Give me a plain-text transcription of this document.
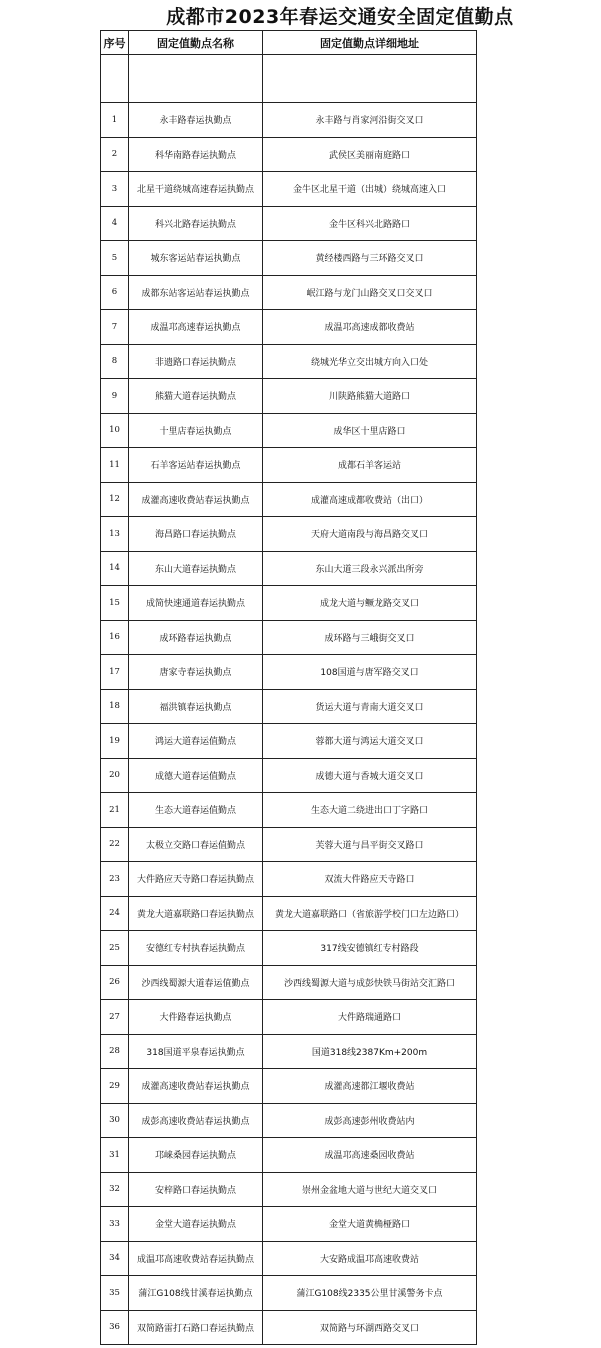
成都市2023年春运交通安全固定值勤点
序号	固定值勤点名称	固定值勤点详细地址

1	永丰路春运执勤点	永丰路与肖家河沿街交叉口
2	科华南路春运执勤点	武侯区美丽南庭路口
3	北星干道绕城高速春运执勤点	金牛区北星干道（出城）绕城高速入口
4	科兴北路春运执勤点	金牛区科兴北路路口
5	城东客运站春运执勤点	黄经楼西路与三环路交叉口
6	成都东站客运站春运执勤点	岷江路与龙门山路交叉口交叉口
7	成温邛高速春运执勤点	成温邛高速成都收费站
8	非遗路口春运执勤点	绕城光华立交出城方向入口处
9	熊猫大道春运执勤点	川陕路熊猫大道路口
10	十里店春运执勤点	成华区十里店路口
11	石羊客运站春运执勤点	成都石羊客运站
12	成灌高速收费站春运执勤点	成灌高速成都收费站（出口）
13	海昌路口春运执勤点	天府大道南段与海昌路交叉口
14	东山大道春运执勤点	东山大道三段永兴派出所旁
15	成简快速通道春运执勤点	成龙大道与鳜龙路交叉口
16	成环路春运执勤点	成环路与三峨街交叉口
17	唐家寺春运执勤点	108国道与唐军路交叉口
18	福洪镇春运执勤点	货运大道与青南大道交叉口
19	鸿运大道春运值勤点	蓉都大道与鸿运大道交叉口
20	成德大道春运值勤点	成德大道与香城大道交叉口
21	生态大道春运值勤点	生态大道二绕进出口丁字路口
22	太极立交路口春运值勤点	芙蓉大道与昌平街交叉路口
23	大件路应天寺路口春运执勤点	双流大件路应天寺路口
24	黄龙大道嘉联路口春运执勤点	黄龙大道嘉联路口（省旅游学校门口左边路口）
25	安德红专村执春运执勤点	317线安德镇红专村路段
26	沙西线蜀源大道春运值勤点	沙西线蜀源大道与成彭快铁马街站交汇路口
27	大件路春运执勤点	大件路瑞通路口
28	318国道平泉春运执勤点	国道318线2387Km+200m
29	成灌高速收费站春运执勤点	成灌高速都江堰收费站
30	成彭高速收费站春运执勤点	成彭高速彭州收费站内
31	邛崃桑园春运执勤点	成温邛高速桑园收费站
32	安梓路口春运执勤点	崇州金盆地大道与世纪大道交叉口
33	金堂大道春运执勤点	金堂大道黄桷桠路口
34	成温邛高速收费站春运执勤点	大安路成温邛高速收费站
35	蒲江G108线甘溪春运执勤点	蒲江G108线2335公里甘溪警务卡点
36	双简路雷打石路口春运执勤点	双简路与环湖西路交叉口
